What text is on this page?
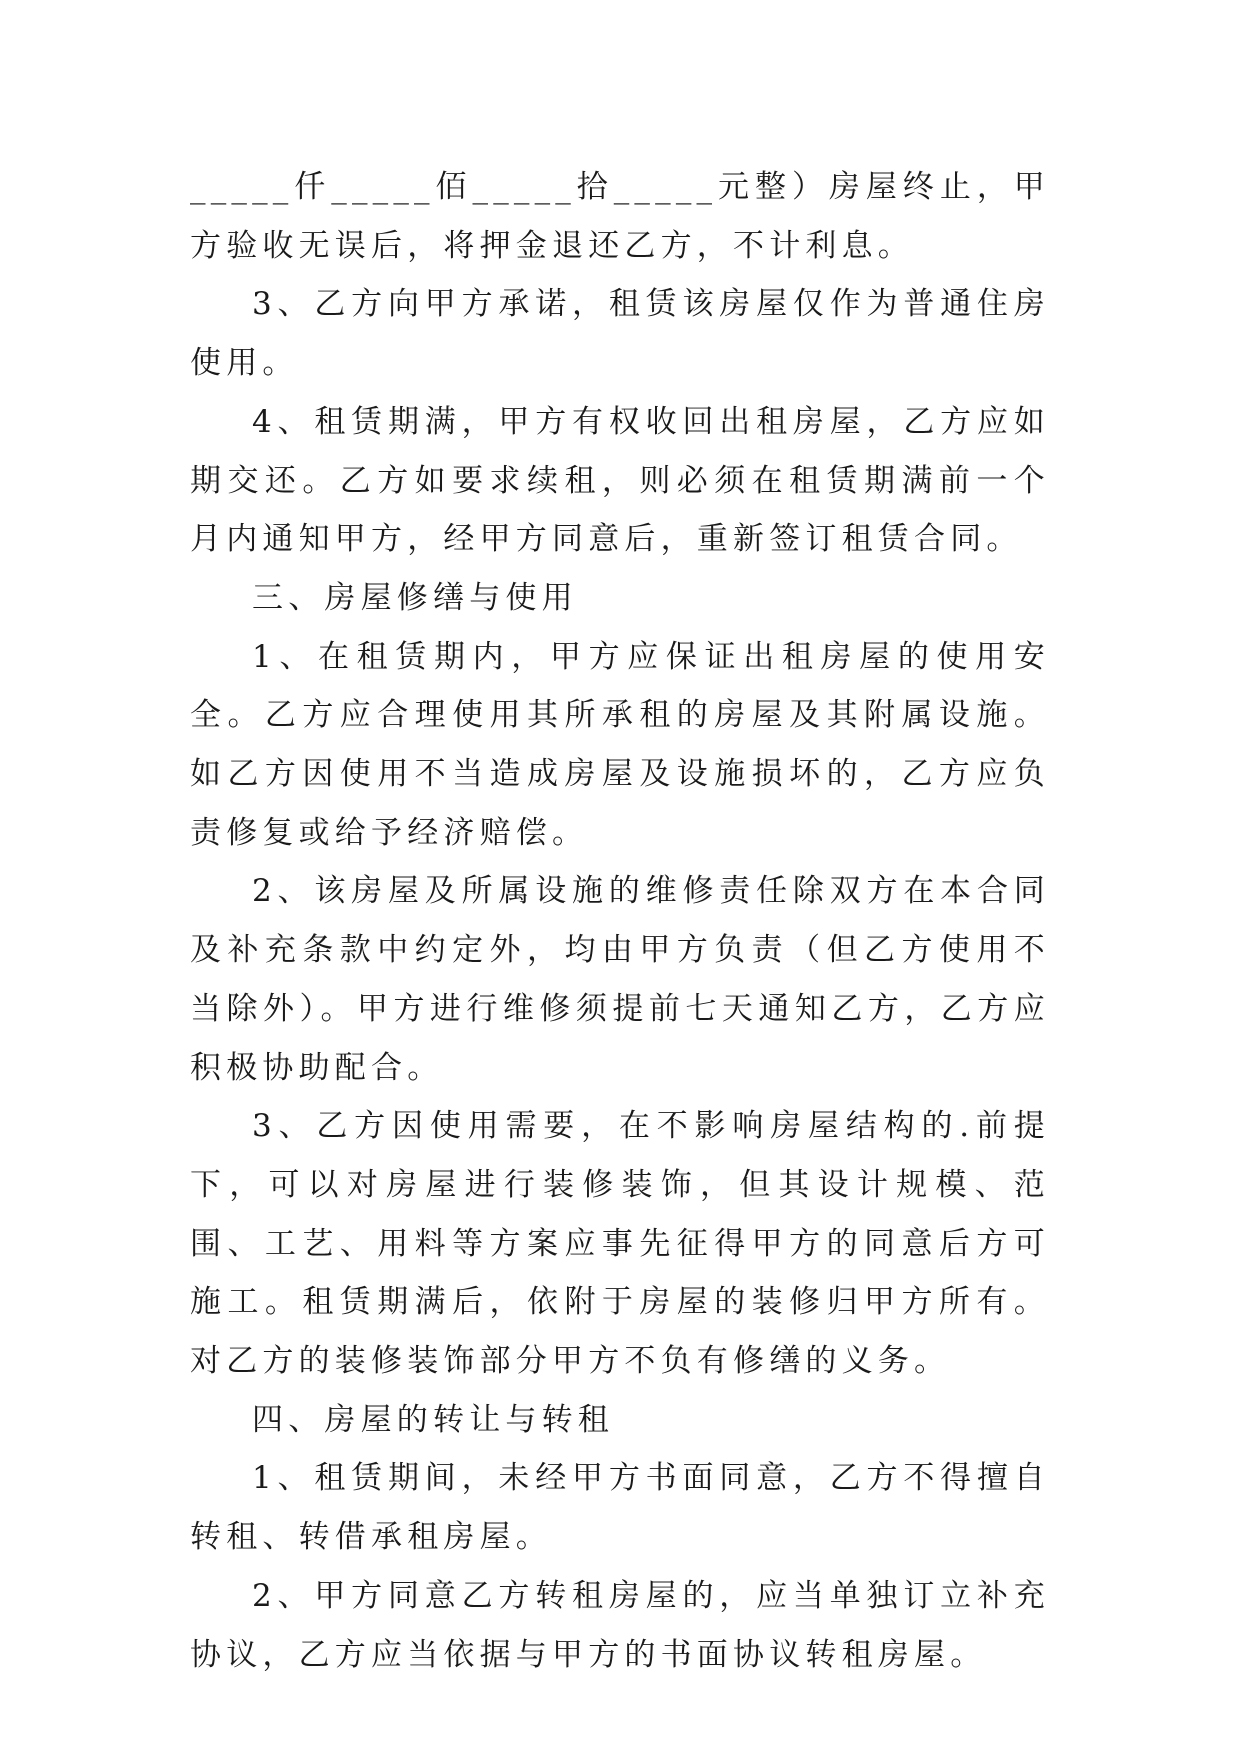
_____仟_____佰_____拾_____元整）房屋终止，甲方验收无误后，将押金退还乙方，不计利息。

3、乙方向甲方承诺，租赁该房屋仅作为普通住房使用。

4、租赁期满，甲方有权收回出租房屋，乙方应如期交还。乙方如要求续租，则必须在租赁期满前一个月内通知甲方，经甲方同意后，重新签订租赁合同。

三、房屋修缮与使用

1、在租赁期内，甲方应保证出租房屋的使用安全。乙方应合理使用其所承租的房屋及其附属设施。如乙方因使用不当造成房屋及设施损坏的，乙方应负责修复或给予经济赔偿。

2、该房屋及所属设施的维修责任除双方在本合同及补充条款中约定外，均由甲方负责（但乙方使用不当除外）。甲方进行维修须提前七天通知乙方，乙方应积极协助配合。

3、乙方因使用需要，在不影响房屋结构的.前提下，可以对房屋进行装修装饰，但其设计规模、范围、工艺、用料等方案应事先征得甲方的同意后方可施工。租赁期满后，依附于房屋的装修归甲方所有。对乙方的装修装饰部分甲方不负有修缮的义务。

四、房屋的转让与转租

1、租赁期间，未经甲方书面同意，乙方不得擅自转租、转借承租房屋。

2、甲方同意乙方转租房屋的，应当单独订立补充协议，乙方应当依据与甲方的书面协议转租房屋。
